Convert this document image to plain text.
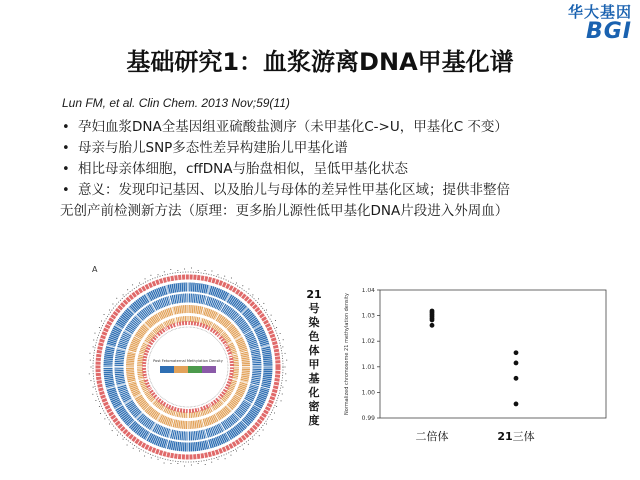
华大基因
BGI
基础研究1：血浆游离DNA甲基化谱
Lun FM, et al. Clin Chem. 2013 Nov;59(11)
• 孕妇血浆DNA全基因组亚硫酸盐测序（未甲基化C->U，甲基化C 不变）
• 母亲与胎儿SNP多态性差异构建胎儿甲基化谱
• 相比母亲体细胞，cffDNA与胎盘相似，呈低甲基化状态
• 意义：发现印记基因、以及胎儿与母体的差异性甲基化区域；提供非整倍
无创产前检测新方法（原理：更多胎儿源性低甲基化DNA片段进入外周血）
A
Post Fetomaternal Methylation Density
21
号
染
色
体
甲
基
化
密
度
Normalized chromosome 21 methylation density
0.99
1.00
1.01
1.02
1.03
1.04
二倍体	21三体
